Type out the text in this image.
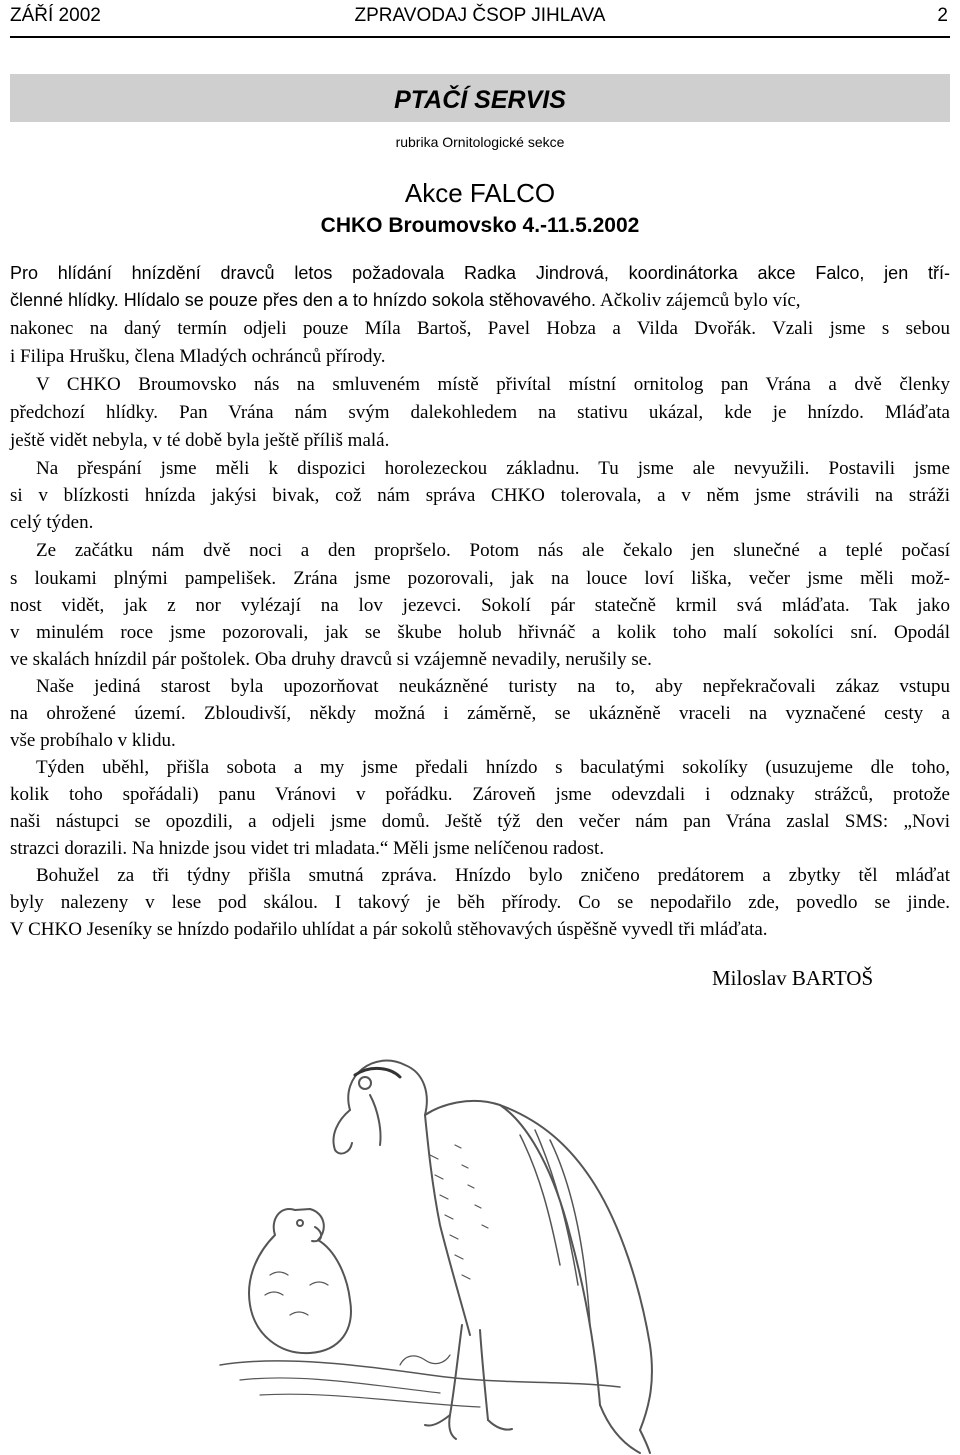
ZÁŘÍ 2002	ZPRAVODAJ ČSOP JIHLAVA	2
PTAČÍ SERVIS
rubrika Ornitologické sekce
Akce FALCO
CHKO Broumovsko 4.-11.5.2002
Pro hlídání hnízdění dravců letos požadovala Radka Jindrová, koordinátorka akce Falco, jen tří-
členné hlídky. Hlídalo se pouze přes den a to hnízdo sokola stěhovavého. Ačkoliv zájemců bylo víc,
nakonec na daný termín odjeli pouze Míla Bartoš, Pavel Hobza a Vilda Dvořák. Vzali jsme s sebou
i Filipa Hrušku, člena Mladých ochránců přírody.
V CHKO Broumovsko nás na smluveném místě přivítal místní ornitolog pan Vrána a dvě členky
předchozí hlídky. Pan Vrána nám svým dalekohledem na stativu ukázal, kde je hnízdo. Mláďata
ještě vidět nebyla, v té době byla ještě příliš malá.
Na přespání jsme měli k dispozici horolezeckou základnu. Tu jsme ale nevyužili. Postavili jsme
si v blízkosti hnízda jakýsi bivak, což nám správa CHKO tolerovala, a v něm jsme strávili na stráži
celý týden.
Ze začátku nám dvě noci a den propršelo. Potom nás ale čekalo jen slunečné a teplé počasí
s loukami plnými pampelišek. Zrána jsme pozorovali, jak na louce loví liška, večer jsme měli mož-
nost vidět, jak z nor vylézají na lov jezevci. Sokolí pár statečně krmil svá mláďata. Tak jako
v minulém roce jsme pozorovali, jak se škube holub hřivnáč a kolik toho malí sokolíci sní. Opodál
ve skalách hnízdil pár poštolek. Oba druhy dravců si vzájemně nevadily, nerušily se.
Naše jediná starost byla upozorňovat neukázněné turisty na to, aby nepřekračovali zákaz vstupu
na ohrožené území. Zbloudivší, někdy možná i záměrně, se ukázněně vraceli na vyznačené cesty a
vše probíhalo v klidu.
Týden uběhl, přišla sobota a my jsme předali hnízdo s baculatými sokolíky (usuzujeme dle toho,
kolik toho spořádali) panu Vránovi v pořádku. Zároveň jsme odevzdali i odznaky strážců, protože
naši nástupci se opozdili, a odjeli jsme domů. Ještě týž den večer nám pan Vrána zaslal SMS: „Novi
strazci dorazili. Na hnizde jsou videt tri mladata.“ Měli jsme nelíčenou radost.
Bohužel za tři týdny přišla smutná zpráva. Hnízdo bylo zničeno predátorem a zbytky těl mláďat
byly nalezeny v lese pod skálou. I takový je běh přírody. Co se nepodařilo zde, povedlo se jinde.
V CHKO Jeseníky se hnízdo podařilo uhlídat a pár sokolů stěhovavých úspěšně vyvedl tři mláďata.
Miloslav BARTOŠ
